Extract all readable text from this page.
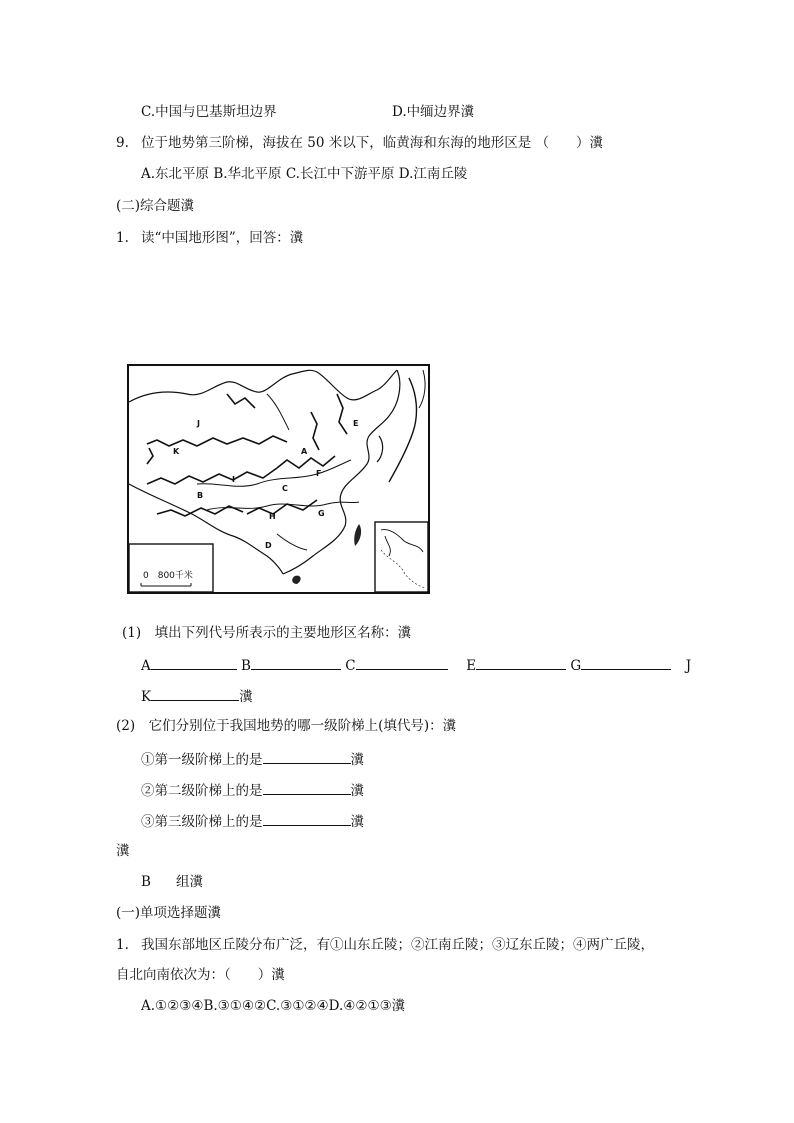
C.中国与巴基斯坦边界	D.中缅边界瀵
9. 位于地势第三阶梯，海拔在 50 米以下，临黄海和东海的地形区是 （　　）瀵
A.东北平原 B.华北平原 C.长江中下游平原 D.江南丘陵
(二)综合题瀵
1. 读“中国地形图”，回答：瀵
J
K	A
E
I
B
C
F
G
H
D
0　800千米
(1)　填出下列代号所表示的主要地形区名称：瀵
A	B	C	E	G	J
K	瀵
(2)　它们分别位于我国地势的哪一级阶梯上(填代号)：瀵
①第一级阶梯上的是	瀵
②第二级阶梯上的是	瀵
③第三级阶梯上的是	瀵
瀵
B 组瀵
(一)单项选择题瀵
1. 我国东部地区丘陵分布广泛，有①山东丘陵；②江南丘陵；③辽东丘陵；④两广丘陵，
自北向南依次为：（　　）瀵
A.①②③④B.③①④②C.③①②④D.④②①③瀵
